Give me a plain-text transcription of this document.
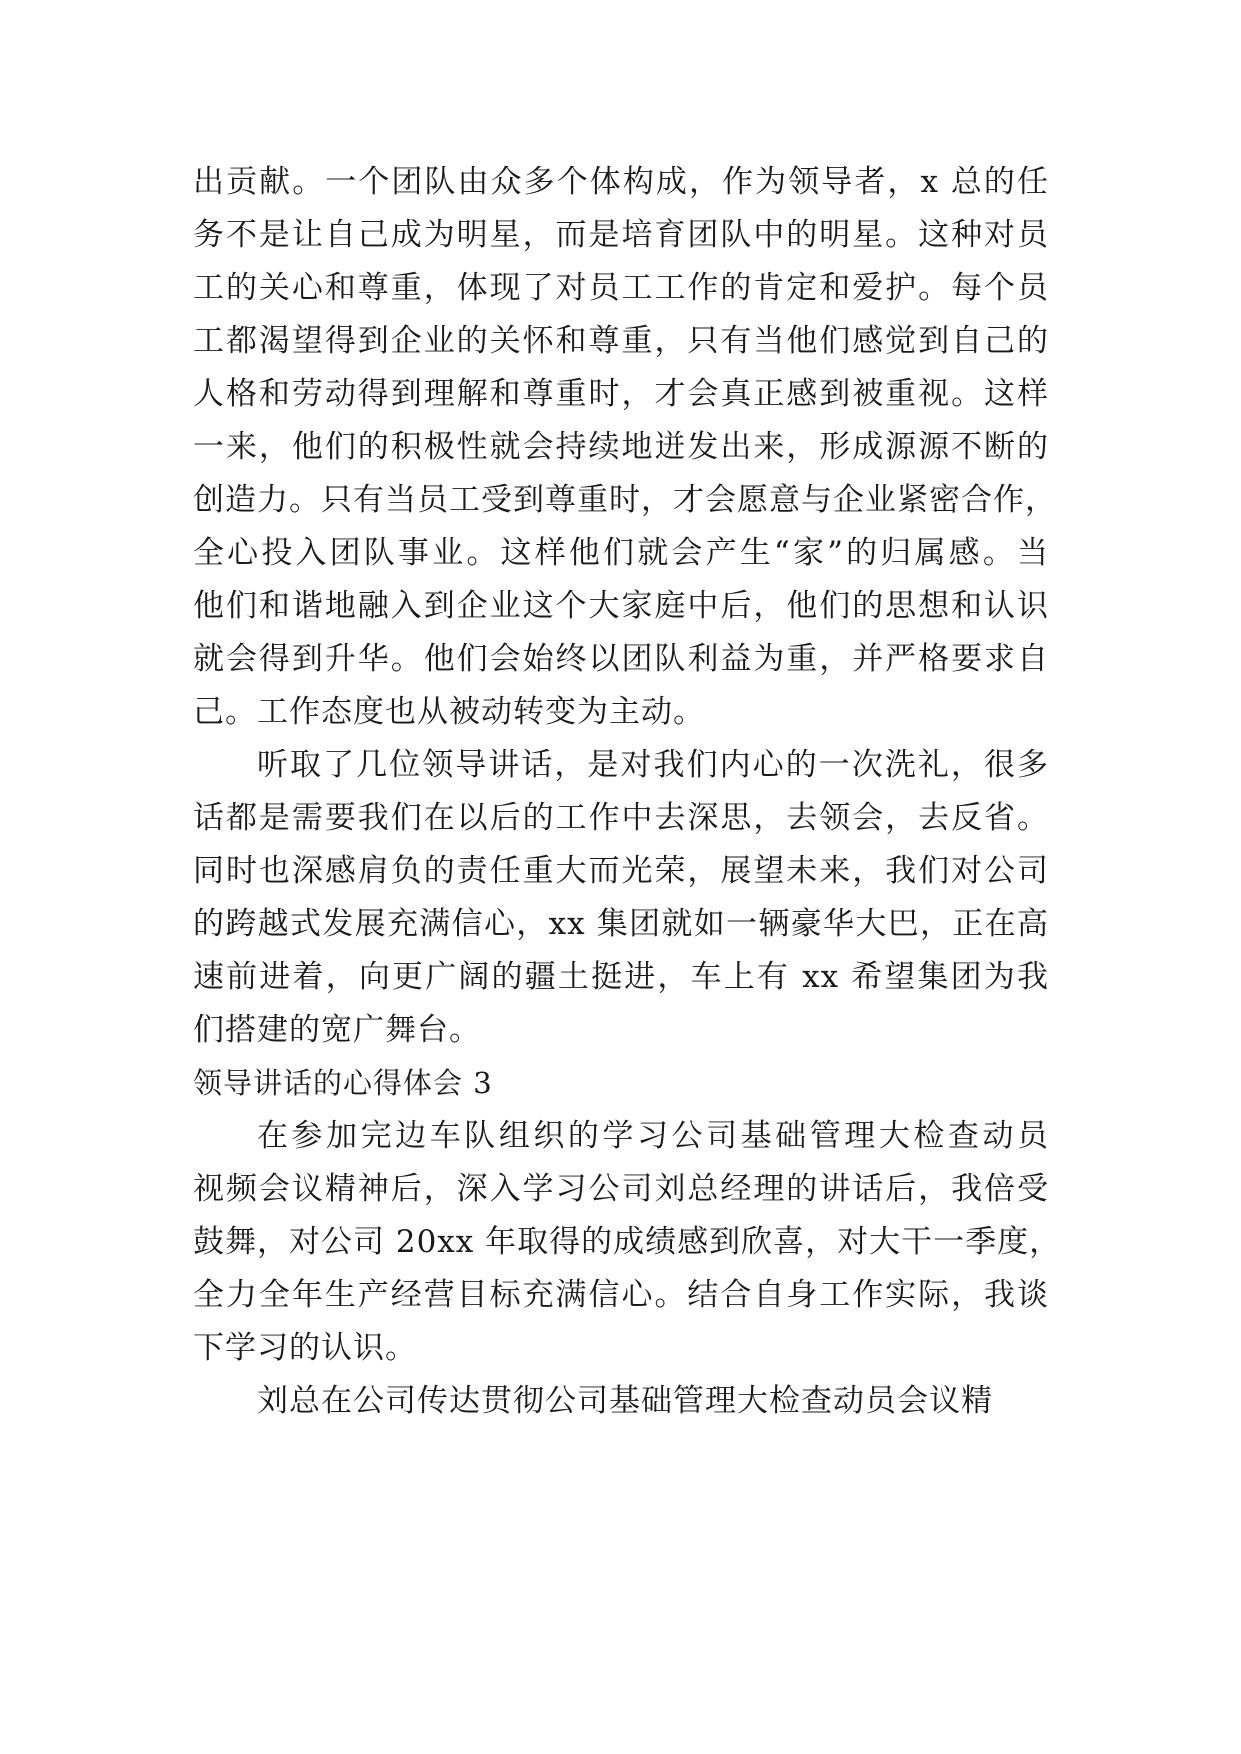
出贡献。一个团队由众多个体构成，作为领导者，x 总的任
务不是让自己成为明星，而是培育团队中的明星。这种对员
工的关心和尊重，体现了对员工工作的肯定和爱护。每个员
工都渴望得到企业的关怀和尊重，只有当他们感觉到自己的
人格和劳动得到理解和尊重时，才会真正感到被重视。这样
一来，他们的积极性就会持续地迸发出来，形成源源不断的
创造力。只有当员工受到尊重时，才会愿意与企业紧密合作，
全心投入团队事业。这样他们就会产生“家”的归属感。当
他们和谐地融入到企业这个大家庭中后，他们的思想和认识
就会得到升华。他们会始终以团队利益为重，并严格要求自
己。工作态度也从被动转变为主动。
听取了几位领导讲话，是对我们内心的一次洗礼，很多
话都是需要我们在以后的工作中去深思，去领会，去反省。
同时也深感肩负的责任重大而光荣，展望未来，我们对公司
的跨越式发展充满信心，xx 集团就如一辆豪华大巴，正在高
速前进着，向更广阔的疆土挺进，车上有 xx 希望集团为我
们搭建的宽广舞台。
领导讲话的心得体会 3
在参加完边车队组织的学习公司基础管理大检查动员
视频会议精神后，深入学习公司刘总经理的讲话后，我倍受
鼓舞，对公司 20xx 年取得的成绩感到欣喜，对大干一季度，
全力全年生产经营目标充满信心。结合自身工作实际，我谈
下学习的认识。
刘总在公司传达贯彻公司基础管理大检查动员会议精
